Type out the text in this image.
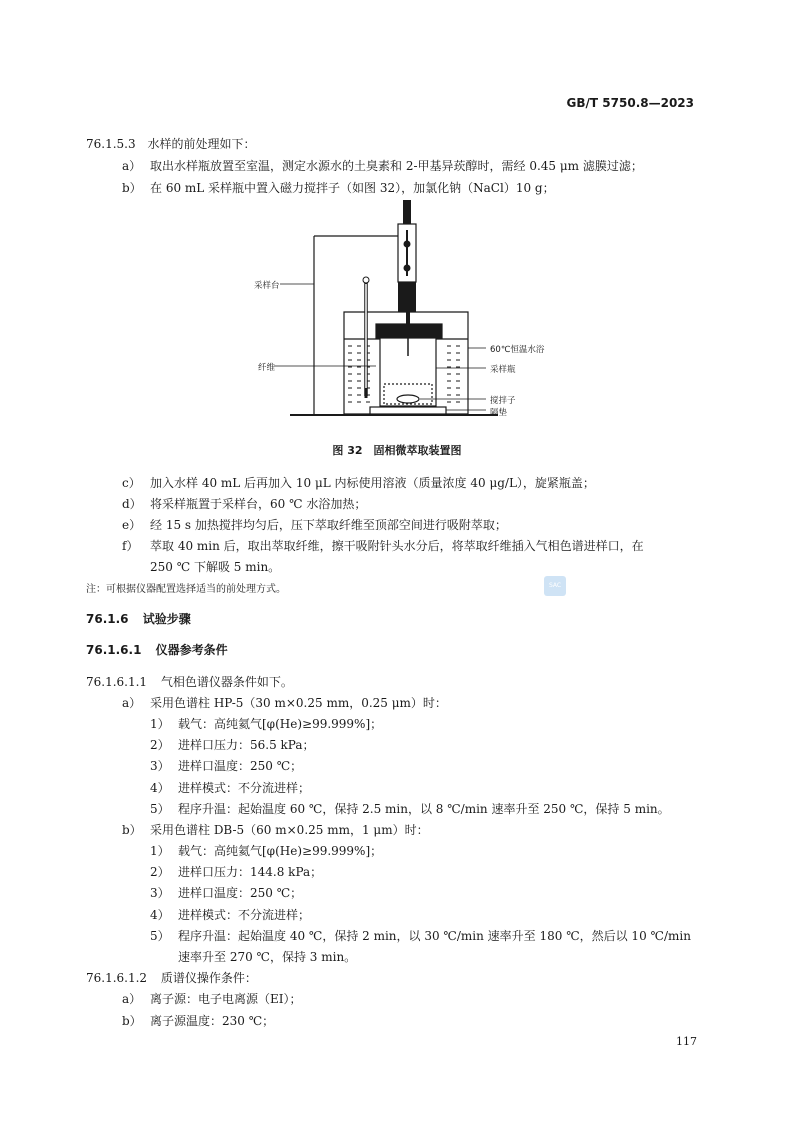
GB/T 5750.8—2023
76.1.5.3 水样的前处理如下：
a） 取出水样瓶放置至室温，测定水源水的土臭素和 2-甲基异莰醇时，需经 0.45 μm 滤膜过滤；
b） 在 60 mL 采样瓶中置入磁力搅拌子（如图 32），加氯化钠（NaCl）10 g；
采样台
纤维
60℃恒温水浴
采样瓶
搅拌子
隔垫
图 32　固相微萃取装置图
c） 加入水样 40 mL 后再加入 10 μL 内标使用溶液（质量浓度 40 μg/L），旋紧瓶盖；
d） 将采样瓶置于采样台，60 ℃ 水浴加热；
e） 经 15 s 加热搅拌均匀后，压下萃取纤维至顶部空间进行吸附萃取；
f） 萃取 40 min 后，取出萃取纤维，擦干吸附针头水分后，将萃取纤维插入气相色谱进样口，在
250 ℃ 下解吸 5 min。
注：可根据仪器配置选择适当的前处理方式。	SAC
76.1.6 试验步骤
76.1.6.1 仪器参考条件
76.1.6.1.1 气相色谱仪器条件如下。
a） 采用色谱柱 HP-5（30 m×0.25 mm，0.25 μm）时：
1） 载气：高纯氦气[φ(He)≥99.999%]；
2） 进样口压力：56.5 kPa；
3） 进样口温度：250 ℃；
4） 进样模式：不分流进样；
5） 程序升温：起始温度 60 ℃，保持 2.5 min，以 8 ℃/min 速率升至 250 ℃，保持 5 min。
b） 采用色谱柱 DB-5（60 m×0.25 mm，1 μm）时：
1） 载气：高纯氦气[φ(He)≥99.999%]；
2） 进样口压力：144.8 kPa；
3） 进样口温度：250 ℃；
4） 进样模式：不分流进样；
5） 程序升温：起始温度 40 ℃，保持 2 min，以 30 ℃/min 速率升至 180 ℃，然后以 10 ℃/min
速率升至 270 ℃，保持 3 min。
76.1.6.1.2 质谱仪操作条件：
a） 离子源：电子电离源（EI）；
b） 离子源温度：230 ℃；
117
